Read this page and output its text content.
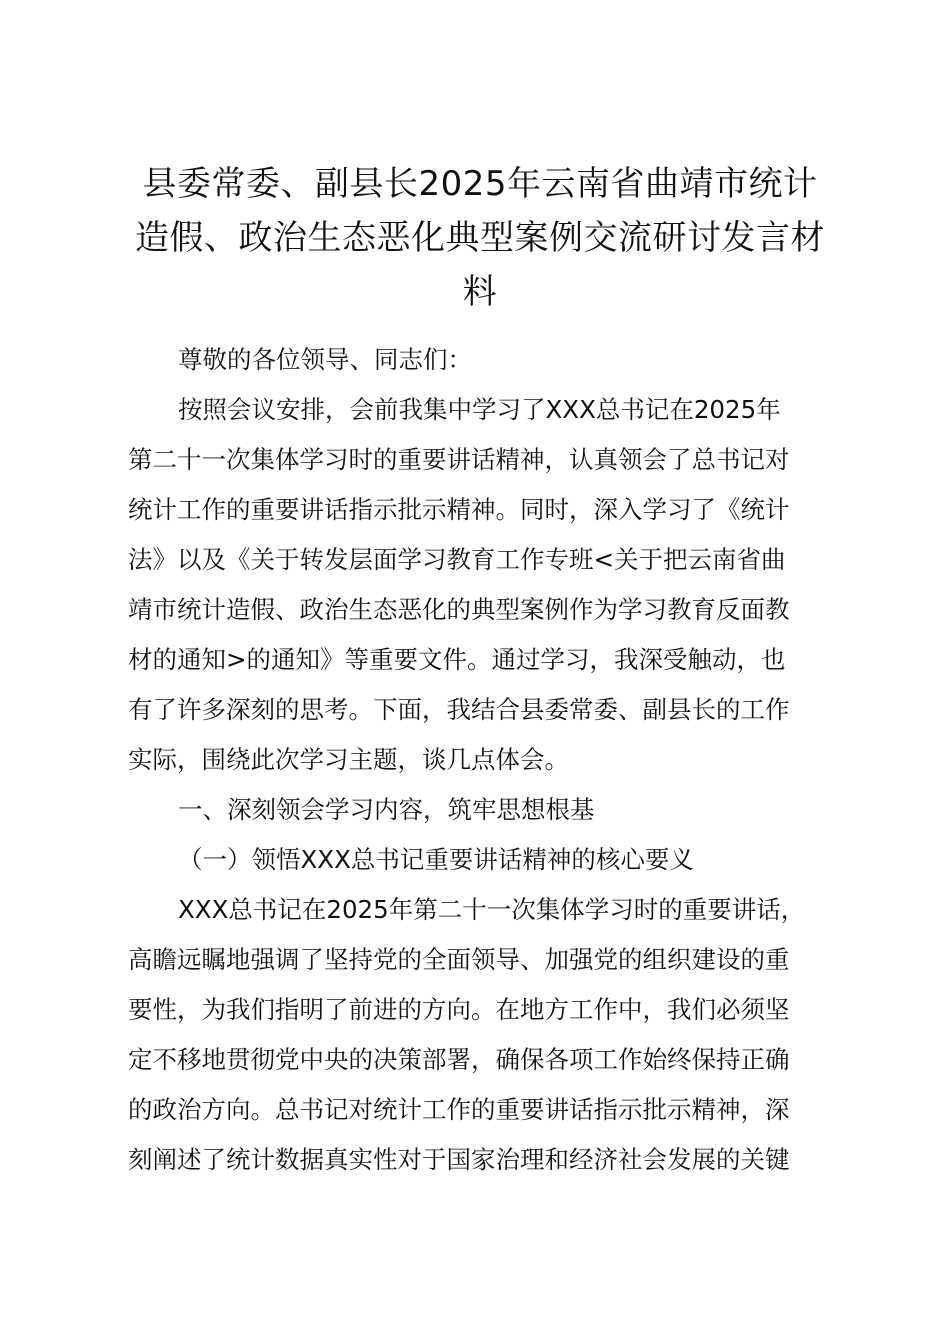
县委常委、副县长2025年云南省曲靖市统计
造假、政治生态恶化典型案例交流研讨发言材
料
尊敬的各位领导、同志们：
按照会议安排，会前我集中学习了XXX总书记在2025年
第二十一次集体学习时的重要讲话精神，认真领会了总书记对
统计工作的重要讲话指示批示精神。同时，深入学习了《统计
法》以及《关于转发层面学习教育工作专班<关于把云南省曲
靖市统计造假、政治生态恶化的典型案例作为学习教育反面教
材的通知>的通知》等重要文件。通过学习，我深受触动，也
有了许多深刻的思考。下面，我结合县委常委、副县长的工作
实际，围绕此次学习主题，谈几点体会。
一、深刻领会学习内容，筑牢思想根基
（一）领悟XXX总书记重要讲话精神的核心要义
XXX总书记在2025年第二十一次集体学习时的重要讲话，
高瞻远瞩地强调了坚持党的全面领导、加强党的组织建设的重
要性，为我们指明了前进的方向。在地方工作中，我们必须坚
定不移地贯彻党中央的决策部署，确保各项工作始终保持正确
的政治方向。总书记对统计工作的重要讲话指示批示精神，深
刻阐述了统计数据真实性对于国家治理和经济社会发展的关键
